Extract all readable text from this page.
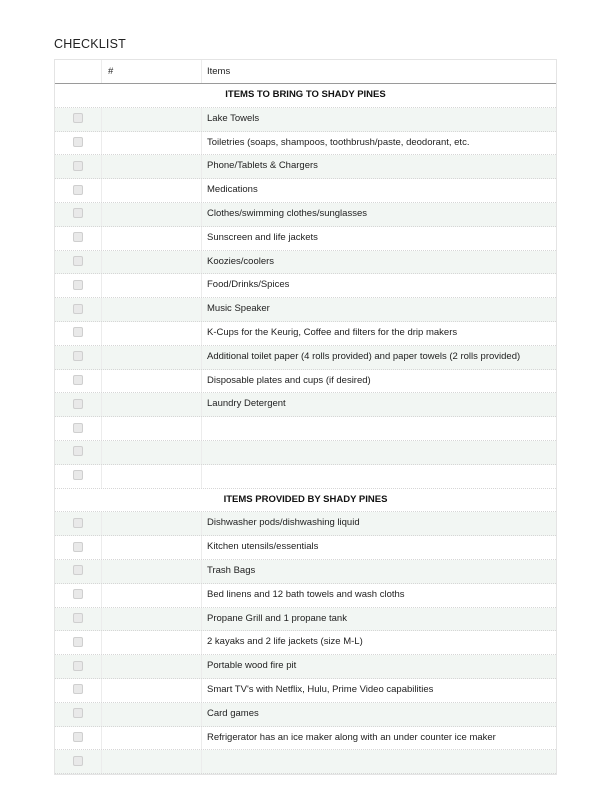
CHECKLIST
#	Items
ITEMS TO BRING TO SHADY PINES
Lake Towels
Toiletries (soaps, shampoos, toothbrush/paste, deodorant, etc.
Phone/Tablets & Chargers
Medications
Clothes/swimming clothes/sunglasses
Sunscreen and life jackets
Koozies/coolers
Food/Drinks/Spices
Music Speaker
K-Cups for the Keurig, Coffee and filters for the drip makers
Additional toilet paper (4 rolls provided) and paper towels (2 rolls provided)
Disposable plates and cups (if desired)
Laundry Detergent
ITEMS PROVIDED BY SHADY PINES
Dishwasher pods/dishwashing liquid
Kitchen utensils/essentials
Trash Bags
Bed linens and 12 bath towels and wash cloths
Propane Grill and 1 propane tank
2 kayaks and 2 life jackets (size M-L)
Portable wood fire pit
Smart TV's with Netflix, Hulu, Prime Video capabilities
Card games
Refrigerator has an ice maker along with an under counter ice maker
